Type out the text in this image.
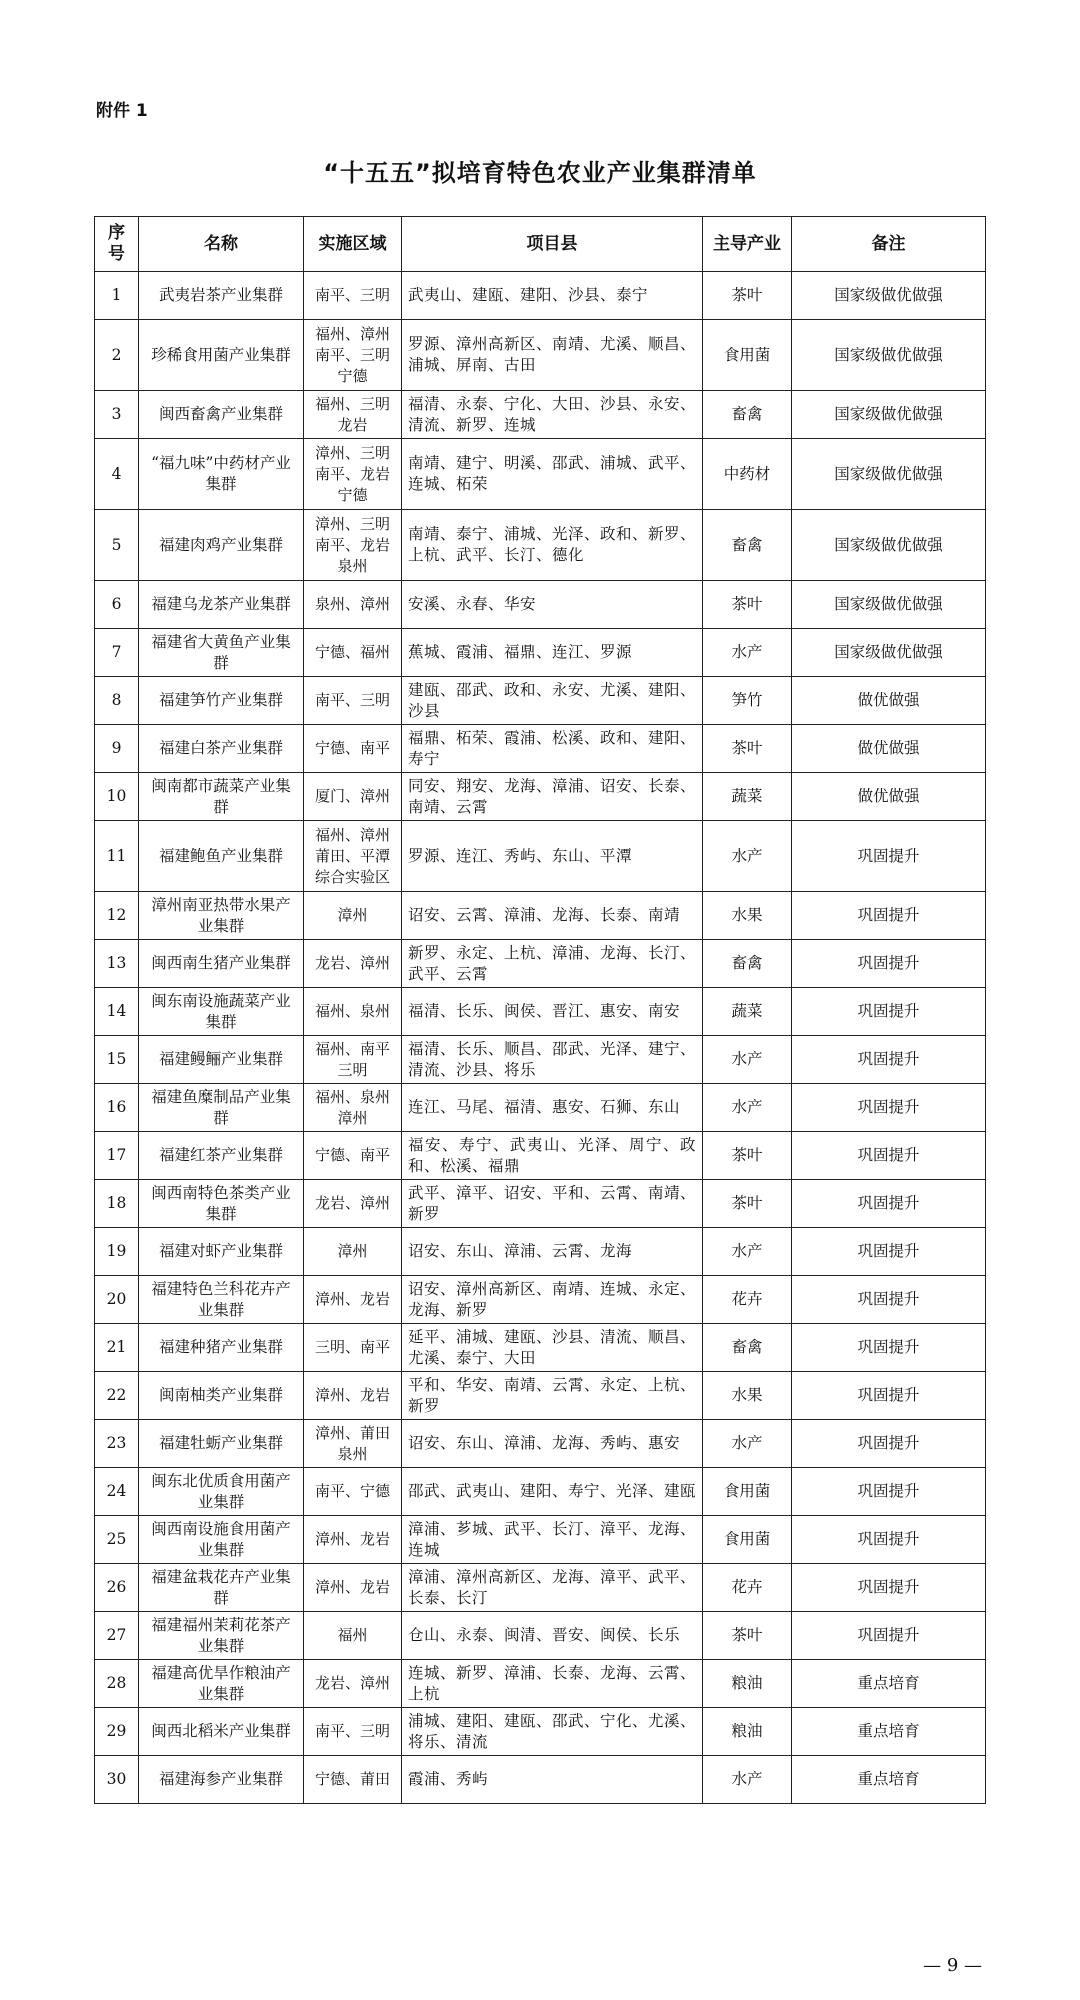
附件 1
“十五五”拟培育特色农业产业集群清单
序号	名称	实施区域	项目县	主导产业	备注
1	武夷岩茶产业集群	南平、三明	武夷山、建瓯、建阳、沙县、泰宁	茶叶	国家级做优做强
2	珍稀食用菌产业集群	福州、漳州南平、三明宁德	罗源、漳州高新区、南靖、尤溪、顺昌、浦城、屏南、古田	食用菌	国家级做优做强
3	闽西畜禽产业集群	福州、三明龙岩	福清、永泰、宁化、大田、沙县、永安、清流、新罗、连城	畜禽	国家级做优做强
4	“福九味”中药材产业集群	漳州、三明南平、龙岩宁德	南靖、建宁、明溪、邵武、浦城、武平、连城、柘荣	中药材	国家级做优做强
5	福建肉鸡产业集群	漳州、三明南平、龙岩泉州	南靖、泰宁、浦城、光泽、政和、新罗、上杭、武平、长汀、德化	畜禽	国家级做优做强
6	福建乌龙茶产业集群	泉州、漳州	安溪、永春、华安	茶叶	国家级做优做强
7	福建省大黄鱼产业集群	宁德、福州	蕉城、霞浦、福鼎、连江、罗源	水产	国家级做优做强
8	福建笋竹产业集群	南平、三明	建瓯、邵武、政和、永安、尤溪、建阳、沙县	笋竹	做优做强
9	福建白茶产业集群	宁德、南平	福鼎、柘荣、霞浦、松溪、政和、建阳、寿宁	茶叶	做优做强
10	闽南都市蔬菜产业集群	厦门、漳州	同安、翔安、龙海、漳浦、诏安、长泰、南靖、云霄	蔬菜	做优做强
11	福建鲍鱼产业集群	福州、漳州莆田、平潭综合实验区	罗源、连江、秀屿、东山、平潭	水产	巩固提升
12	漳州南亚热带水果产业集群	漳州	诏安、云霄、漳浦、龙海、长泰、南靖	水果	巩固提升
13	闽西南生猪产业集群	龙岩、漳州	新罗、永定、上杭、漳浦、龙海、长汀、武平、云霄	畜禽	巩固提升
14	闽东南设施蔬菜产业集群	福州、泉州	福清、长乐、闽侯、晋江、惠安、南安	蔬菜	巩固提升
15	福建鳗鲡产业集群	福州、南平三明	福清、长乐、顺昌、邵武、光泽、建宁、清流、沙县、将乐	水产	巩固提升
16	福建鱼糜制品产业集群	福州、泉州漳州	连江、马尾、福清、惠安、石狮、东山	水产	巩固提升
17	福建红茶产业集群	宁德、南平	福安、寿宁、武夷山、光泽、周宁、政和、松溪、福鼎	茶叶	巩固提升
18	闽西南特色茶类产业集群	龙岩、漳州	武平、漳平、诏安、平和、云霄、南靖、新罗	茶叶	巩固提升
19	福建对虾产业集群	漳州	诏安、东山、漳浦、云霄、龙海	水产	巩固提升
20	福建特色兰科花卉产业集群	漳州、龙岩	诏安、漳州高新区、南靖、连城、永定、龙海、新罗	花卉	巩固提升
21	福建种猪产业集群	三明、南平	延平、浦城、建瓯、沙县、清流、顺昌、尤溪、泰宁、大田	畜禽	巩固提升
22	闽南柚类产业集群	漳州、龙岩	平和、华安、南靖、云霄、永定、上杭、新罗	水果	巩固提升
23	福建牡蛎产业集群	漳州、莆田泉州	诏安、东山、漳浦、龙海、秀屿、惠安	水产	巩固提升
24	闽东北优质食用菌产业集群	南平、宁德	邵武、武夷山、建阳、寿宁、光泽、建瓯	食用菌	巩固提升
25	闽西南设施食用菌产业集群	漳州、龙岩	漳浦、芗城、武平、长汀、漳平、龙海、连城	食用菌	巩固提升
26	福建盆栽花卉产业集群	漳州、龙岩	漳浦、漳州高新区、龙海、漳平、武平、长泰、长汀	花卉	巩固提升
27	福建福州茉莉花茶产业集群	福州	仓山、永泰、闽清、晋安、闽侯、长乐	茶叶	巩固提升
28	福建高优旱作粮油产业集群	龙岩、漳州	连城、新罗、漳浦、长泰、龙海、云霄、上杭	粮油	重点培育
29	闽西北稻米产业集群	南平、三明	浦城、建阳、建瓯、邵武、宁化、尤溪、将乐、清流	粮油	重点培育
30	福建海参产业集群	宁德、莆田	霞浦、秀屿	水产	重点培育
— 9 —
